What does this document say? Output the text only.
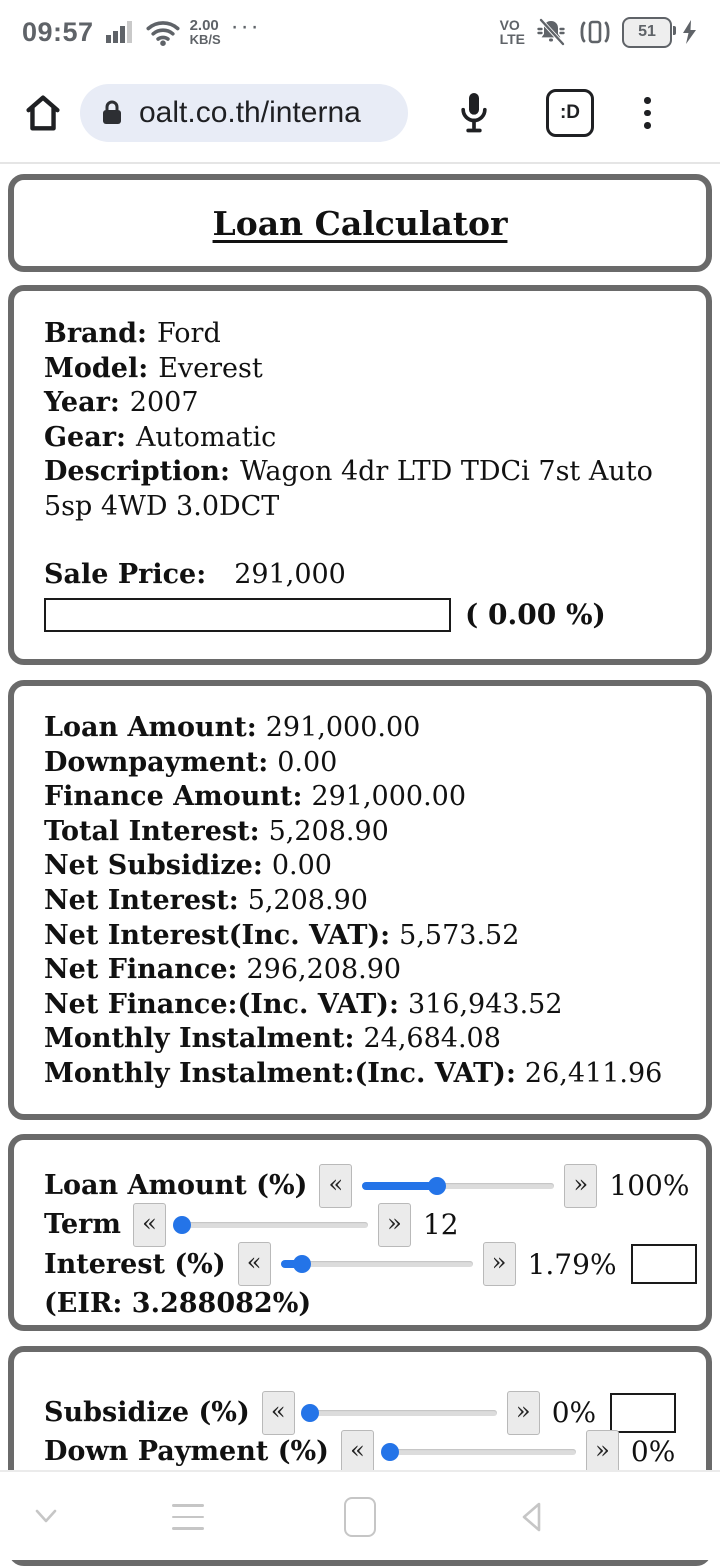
09:57	2.00
KB/S ···	VO
LTE	51
oalt.co.th/interna	:D
Loan Calculator

Brand: Ford

Model: Everest

Year: 2007

Gear: Automatic

Description: Wagon 4dr LTD TDCi 7st Auto 5sp 4WD 3.0DCT

Sale Price: 291,000

( 0.00 %)

Loan Amount: 291,000.00

Downpayment: 0.00

Finance Amount: 291,000.00

Total Interest: 5,208.90

Net Subsidize: 0.00

Net Interest: 5,208.90

Net Interest(Inc. VAT): 5,573.52

Net Finance: 296,208.90

Net Finance:(Inc. VAT): 316,943.52

Monthly Instalment: 24,684.08

Monthly Instalment:(Inc. VAT): 26,411.96

Loan Amount (%) «	» 100%
Term «	» 12
Interest (%) «	» 1.79%

(EIR: 3.288082%)

Subsidize (%) «	» 0%
Down Payment (%) «	» 0%
